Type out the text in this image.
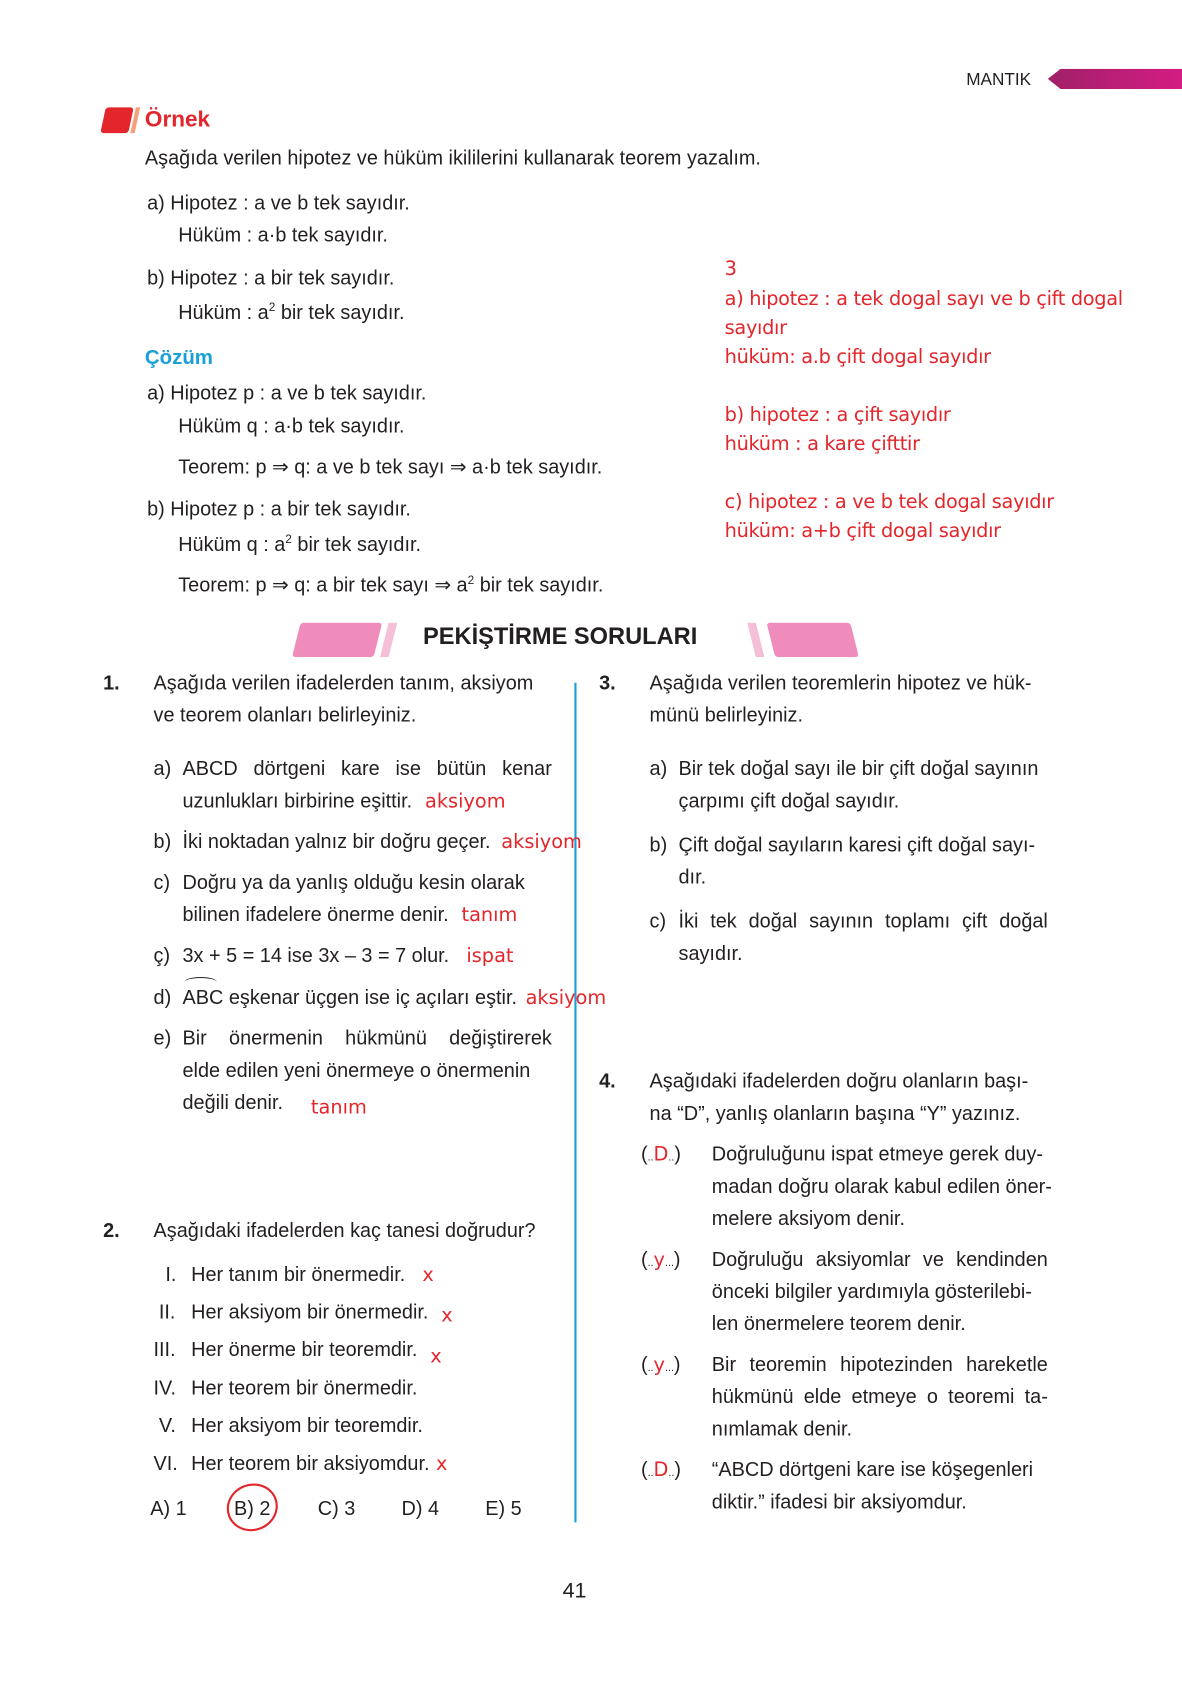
MANTIK
Örnek
Aşağıda verilen hipotez ve hüküm ikililerini kullanarak teorem yazalım.
a) Hipotez : a ve b tek sayıdır.
Hüküm : a·b tek sayıdır.
b) Hipotez : a bir tek sayıdır.
Hüküm : $a^2$ bir tek sayıdır.
Çözüm
a) Hipotez p : a ve b tek sayıdır.
Hüküm q : a·b tek sayıdır.
Teorem: p ⇒ q: a ve b tek sayı ⇒ a·b tek sayıdır.
b) Hipotez p : a bir tek sayıdır.
Hüküm q : $a^2$ bir tek sayıdır.
Teorem: p ⇒ q: a bir tek sayı ⇒ $a^2$ bir tek sayıdır.
3
a) hipotez : a tek dogal sayı ve b çift dogal
sayıdır
hüküm: a.b çift dogal sayıdır
b) hipotez : a çift sayıdır
hüküm : a kare çifttir
c) hipotez : a ve b tek dogal sayıdır
hüküm: a+b çift dogal sayıdır
PEKİŞTİRME SORULARI
1. Aşağıda verilen ifadelerden tanım, aksiyom
ve teorem olanları belirleyiniz.
a) ABCD dörtgeni kare ise bütün kenar
uzunlukları birbirine eşittir. aksiyom
b) İki noktadan yalnız bir doğru geçer. aksiyom
c) Doğru ya da yanlış olduğu kesin olarak
bilinen ifadelere önerme denir. tanım
ç) 3x + 5 = 14 ise 3x – 3 = 7 olur. ispat
d) ABC eşkenar üçgen ise iç açıları eştir. aksiyom
e) Bir önermenin hükmünü değiştirerek
elde edilen yeni önermeye o önermenin
değili denir. tanım
2. Aşağıdaki ifadelerden kaç tanesi doğrudur?
I. Her tanım bir önermedir. x
II. Her aksiyom bir önermedir. x
III. Her önerme bir teoremdir. x
IV. Her teorem bir önermedir.
V. Her aksiyom bir teoremdir.
VI. Her teorem bir aksiyomdur. x
A) 1	B) 2	C) 3 D) 4 E) 5
3. Aşağıda verilen teoremlerin hipotez ve hük-
münü belirleyiniz.
a) Bir tek doğal sayı ile bir çift doğal sayının
çarpımı çift doğal sayıdır.
b) Çift doğal sayıların karesi çift doğal sayı-
dır.
c) İki tek doğal sayının toplamı çift doğal
sayıdır.
4. Aşağıdaki ifadelerden doğru olanların başı-
na “D”, yanlış olanların başına “Y” yazınız.
(..D..) Doğruluğunu ispat etmeye gerek duy-
madan doğru olarak kabul edilen öner-
melere aksiyom denir.
(..y...) Doğruluğu aksiyomlar ve kendinden
önceki bilgiler yardımıyla gösterilebi-
len önermelere teorem denir.
(..y...) Bir teoremin hipotezinden hareketle
hükmünü elde etmeye o teoremi ta-
nımlamak denir.
(..D..) “ABCD dörtgeni kare ise köşegenleri
diktir.” ifadesi bir aksiyomdur.
41
